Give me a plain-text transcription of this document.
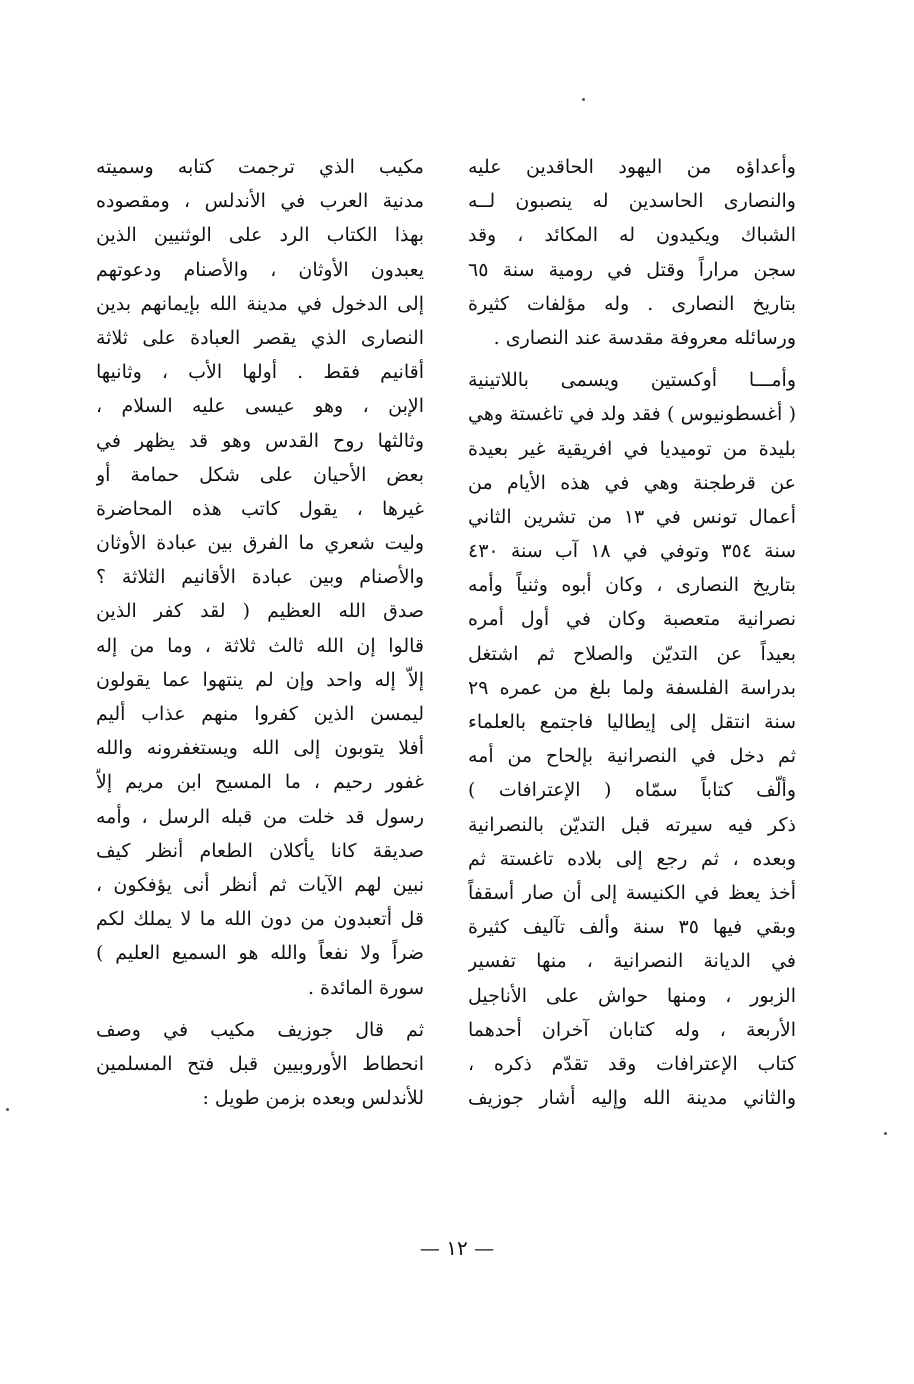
وأعداؤه من اليهود الحاقدين عليه
والنصارى الحاسدين له ينصبون لــه
الشباك ويكيدون له المكائد ، وقد
سجن مراراً وقتل في رومية سنة ٦٥
بتاريخ النصارى . وله مؤلفات كثيرة
ورسائله معروفة مقدسة عند النصارى .
وأمـــا أوكستين ويسمى باللاتينية
( أغسطونيوس ) فقد ولد في تاغستة وهي
بليدة من توميديا في افريقية غير بعيدة
عن قرطجنة وهي في هذه الأيام من
أعمال تونس في ١٣ من تشرين الثاني
سنة ٣٥٤ وتوفي في ١٨ آب سنة ٤٣٠
بتاريخ النصارى ، وكان أبوه وثنياً وأمه
نصرانية متعصبة وكان في أول أمره
بعيداً عن التديّن والصلاح ثم اشتغل
بدراسة الفلسفة ولما بلغ من عمره ٢٩
سنة انتقل إلى إيطاليا فاجتمع بالعلماء
ثم دخل في النصرانية بإلحاح من أمه
وألّف كتاباً سمّاه ( الإعترافات )
ذكر فيه سيرته قبل التديّن بالنصرانية
وبعده ، ثم رجع إلى بلاده تاغستة ثم
أخذ يعظ في الكنيسة إلى أن صار أسقفاً
وبقي فيها ٣٥ سنة وألف تآليف كثيرة
في الديانة النصرانية ، منها تفسير
الزبور ، ومنها حواش على الأناجيل
الأربعة ، وله كتابان آخران أحدهما
كتاب الإعترافات وقد تقدّم ذكره ،
والثاني مدينة الله وإليه أشار جوزيف
مكيب الذي ترجمت كتابه وسميته
مدنية العرب في الأندلس ، ومقصوده
بهذا الكتاب الرد على الوثنيين الذين
يعبدون الأوثان ، والأصنام ودعوتهم
إلى الدخول في مدينة الله بإيمانهم بدين
النصارى الذي يقصر العبادة على ثلاثة
أقانيم فقط . أولها الأب ، وثانيها
الإبن ، وهو عيسى عليه السلام ،
وثالثها روح القدس وهو قد يظهر في
بعض الأحيان على شكل حمامة أو
غيرها ، يقول كاتب هذه المحاضرة
وليت شعري ما الفرق بين عبادة الأوثان
والأصنام وبين عبادة الأقانيم الثلاثة ؟
صدق الله العظيم ( لقد كفر الذين
قالوا إن الله ثالث ثلاثة ، وما من إله
إلاّ إله واحد وإن لم ينتهوا عما يقولون
ليمسن الذين كفروا منهم عذاب أليم
أفلا يتوبون إلى الله ويستغفرونه والله
غفور رحيم ، ما المسيح ابن مريم إلاّ
رسول قد خلت من قبله الرسل ، وأمه
صديقة كانا يأكلان الطعام أنظر كيف
نبين لهم الآيات ثم أنظر أنى يؤفكون ،
قل أتعبدون من دون الله ما لا يملك لكم
ضراً ولا نفعاً والله هو السميع العليم )
سورة المائدة .
ثم قال جوزيف مكيب في وصف
انحطاط الأوروبيين قبل فتح المسلمين
للأندلس وبعده بزمن طويل :
— ١٢ —
